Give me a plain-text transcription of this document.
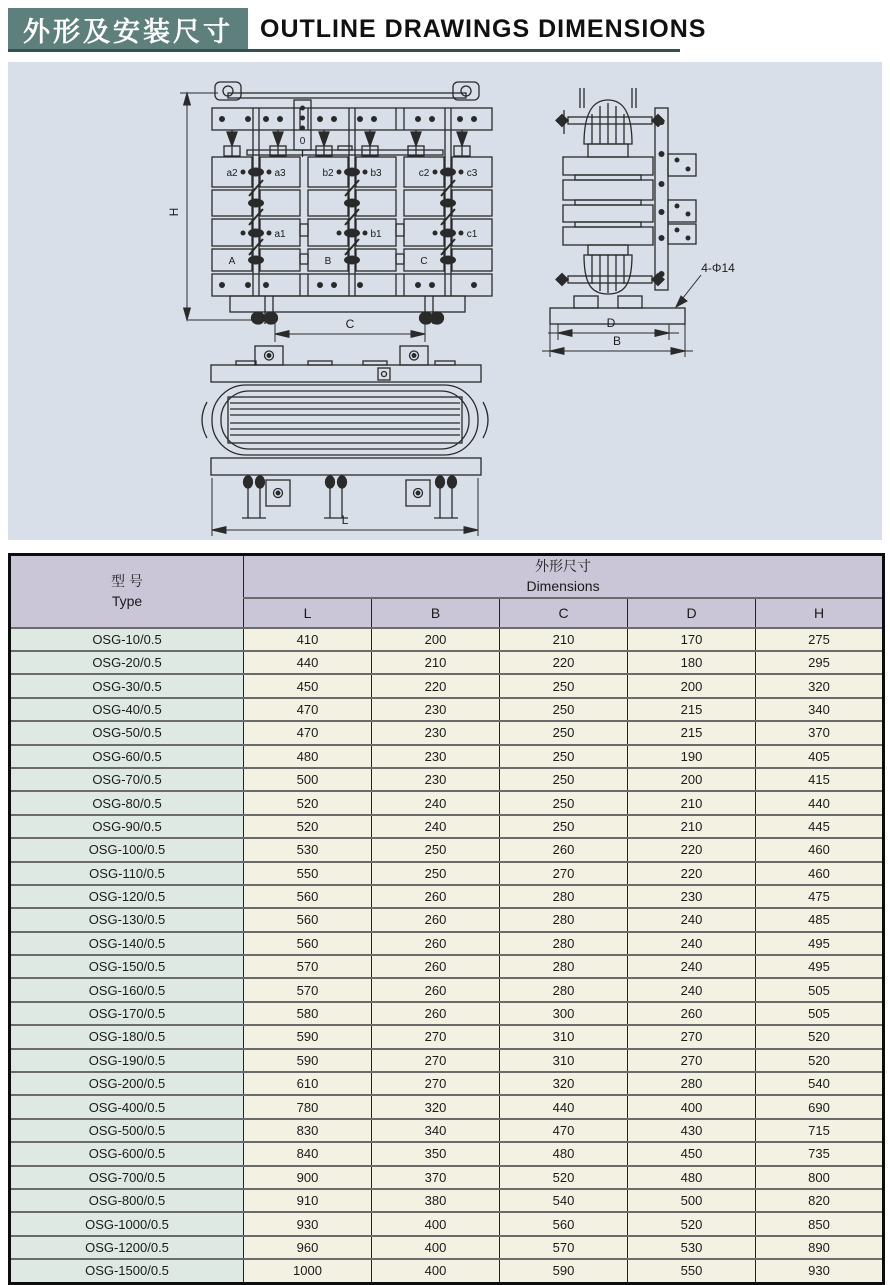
外形及安装尺寸	OUTLINE DRAWINGS DIMENSIONS
a2	a3	b2	b3	c2	c3
a1	b1	c1
A	B	C
0
H
C
4-Φ14
D
B
L
型 号
Type

外形尺寸
Dimensions

	L	B	C	D	H
OSG-10/0.5	410	200	210	170	275
OSG-20/0.5	440	210	220	180	295
OSG-30/0.5	450	220	250	200	320
OSG-40/0.5	470	230	250	215	340
OSG-50/0.5	470	230	250	215	370
OSG-60/0.5	480	230	250	190	405
OSG-70/0.5	500	230	250	200	415
OSG-80/0.5	520	240	250	210	440
OSG-90/0.5	520	240	250	210	445
OSG-100/0.5	530	250	260	220	460
OSG-110/0.5	550	250	270	220	460
OSG-120/0.5	560	260	280	230	475
OSG-130/0.5	560	260	280	240	485
OSG-140/0.5	560	260	280	240	495
OSG-150/0.5	570	260	280	240	495
OSG-160/0.5	570	260	280	240	505
OSG-170/0.5	580	260	300	260	505
OSG-180/0.5	590	270	310	270	520
OSG-190/0.5	590	270	310	270	520
OSG-200/0.5	610	270	320	280	540
OSG-400/0.5	780	320	440	400	690
OSG-500/0.5	830	340	470	430	715
OSG-600/0.5	840	350	480	450	735
OSG-700/0.5	900	370	520	480	800
OSG-800/0.5	910	380	540	500	820
OSG-1000/0.5	930	400	560	520	850
OSG-1200/0.5	960	400	570	530	890
OSG-1500/0.5	1000	400	590	550	930
